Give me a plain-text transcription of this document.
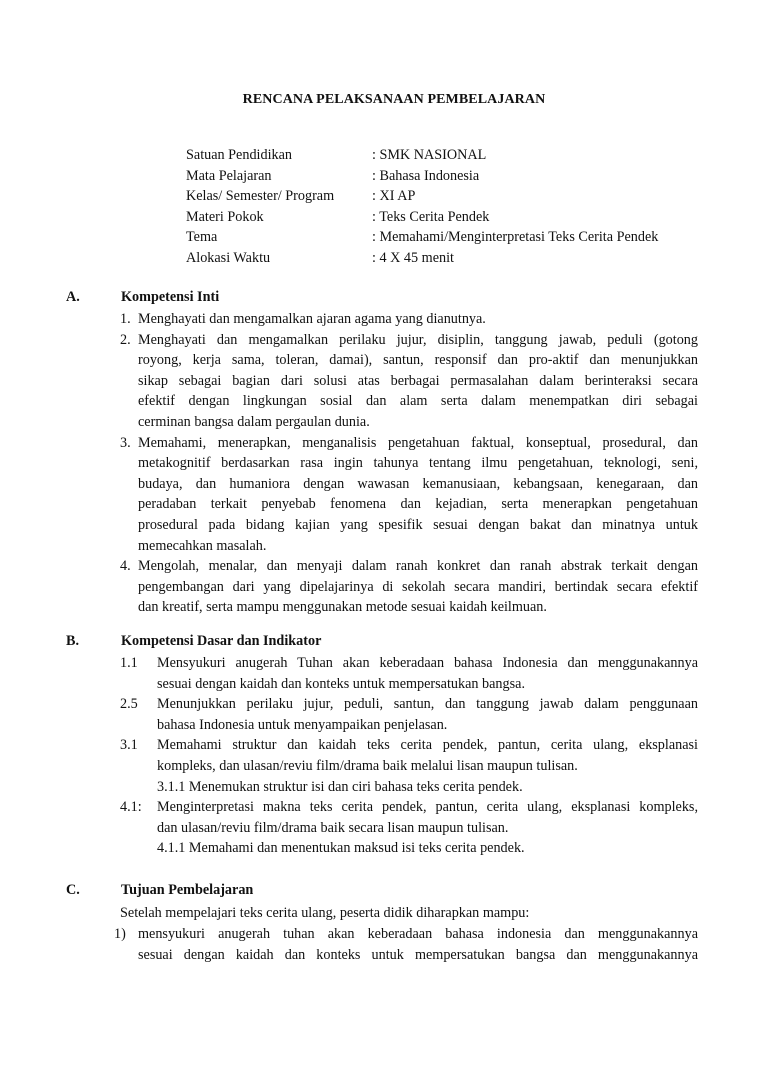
RENCANA PELAKSANAAN PEMBELAJARAN
Satuan Pendidikan	: SMK NASIONAL
Mata Pelajaran	: Bahasa Indonesia
Kelas/ Semester/ Program	: XI AP
Materi Pokok	: Teks Cerita Pendek
Tema	: Memahami/Menginterpretasi Teks Cerita Pendek
Alokasi Waktu	: 4 X 45 menit
A.	Kompetensi Inti
1. Menghayati dan mengamalkan ajaran agama yang dianutnya.
2. Menghayati dan mengamalkan perilaku jujur, disiplin, tanggung jawab, peduli (gotong
royong, kerja sama, toleran, damai), santun, responsif dan pro-aktif dan menunjukkan
sikap sebagai bagian dari solusi atas berbagai permasalahan dalam berinteraksi secara
efektif dengan lingkungan sosial dan alam serta dalam menempatkan diri sebagai
cerminan bangsa dalam pergaulan dunia.
3. Memahami, menerapkan, menganalisis pengetahuan faktual, konseptual, prosedural, dan
metakognitif berdasarkan rasa ingin tahunya tentang ilmu pengetahuan, teknologi, seni,
budaya, dan humaniora dengan wawasan kemanusiaan, kebangsaan, kenegaraan, dan
peradaban terkait penyebab fenomena dan kejadian, serta menerapkan pengetahuan
prosedural pada bidang kajian yang spesifik sesuai dengan bakat dan minatnya untuk
memecahkan masalah.
4. Mengolah, menalar, dan menyaji dalam ranah konkret dan ranah abstrak terkait dengan
pengembangan dari yang dipelajarinya di sekolah secara mandiri, bertindak secara efektif
dan kreatif, serta mampu menggunakan metode sesuai kaidah keilmuan.
B.	Kompetensi Dasar dan Indikator
1.1 Mensyukuri anugerah Tuhan akan keberadaan bahasa Indonesia dan menggunakannya
sesuai dengan kaidah dan konteks untuk mempersatukan bangsa.
2.5 Menunjukkan perilaku jujur, peduli, santun, dan tanggung jawab dalam penggunaan
bahasa Indonesia untuk menyampaikan penjelasan.
3.1 Memahami struktur dan kaidah teks cerita pendek, pantun, cerita ulang, eksplanasi
kompleks, dan ulasan/reviu film/drama baik melalui lisan maupun tulisan.
3.1.1 Menemukan struktur isi dan ciri bahasa teks cerita pendek.
4.1: Menginterpretasi makna teks cerita pendek, pantun, cerita ulang, eksplanasi kompleks,
dan ulasan/reviu film/drama baik secara lisan maupun tulisan.
4.1.1 Memahami dan menentukan maksud isi teks cerita pendek.
C.	Tujuan Pembelajaran
Setelah mempelajari teks cerita ulang, peserta didik diharapkan mampu:
1) mensyukuri anugerah tuhan akan keberadaan bahasa indonesia dan menggunakannya
sesuai dengan kaidah dan konteks untuk mempersatukan bangsa dan menggunakannya
